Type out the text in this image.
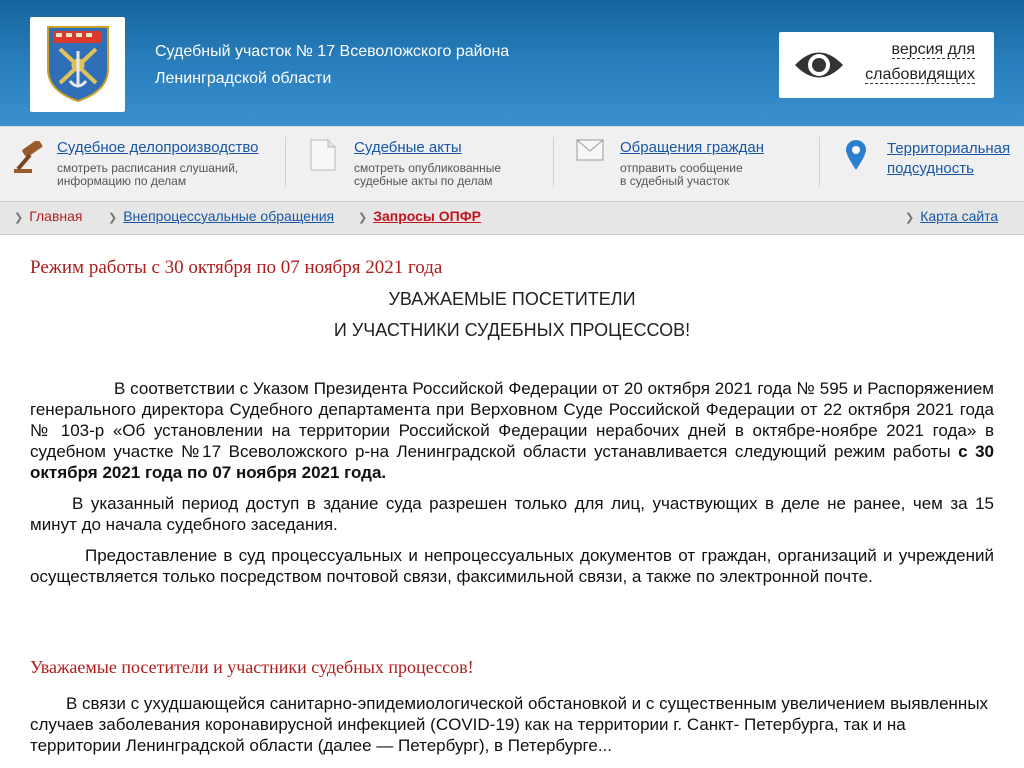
Судебный участок № 17 Всеволожского района
Ленинградской области
версия для
слабовидящих
Судебное делопроизводство
смотреть расписания слушаний,
информацию по делам
Судебные акты
смотреть опубликованные
судебные акты по делам
Обращения граждан
отправить сообщение
в судебный участок
Территориальная
подсудность
❯ Главная ❯ Внепроцессуальные обращения ❯ Запросы ОПФР	❯ Карта сайта
Режим работы с 30 октября по 07 ноября 2021 года
УВАЖАЕМЫЕ ПОСЕТИТЕЛИ
И УЧАСТНИКИ СУДЕБНЫХ ПРОЦЕССОВ!

В соответствии с Указом Президента Российской Федерации от 20 октября 2021 года № 595 и Распоряжением генерального директора Судебного департамента при Верховном Суде Российской Федерации от 22 октября 2021 года № 103-р «Об установлении на территории Российской Федерации нерабочих дней в октябре-ноябре 2021 года» в судебном участке №17 Всеволожского р-на Ленинградской области устанавливается следующий режим работы с 30 октября 2021 года по 07 ноября 2021 года.

В указанный период доступ в здание суда разрешен только для лиц, участвующих в деле не ранее, чем за 15 минут до начала судебного заседания.

Предоставление в суд процессуальных и непроцессуальных документов от граждан, организаций и учреждений осуществляется только посредством почтовой связи, факсимильной связи, а также по электронной почте.

Уважаемые посетители и участники судебных процессов!

В связи с ухудшающейся санитарно-эпидемиологической обстановкой и с существенным увеличением выявленных случаев заболевания коронавирусной инфекцией (COVID-19) как на территории г. Санкт- Петербурга, так и на территории Ленинградской области (далее — Петербург), в Петербурге...
